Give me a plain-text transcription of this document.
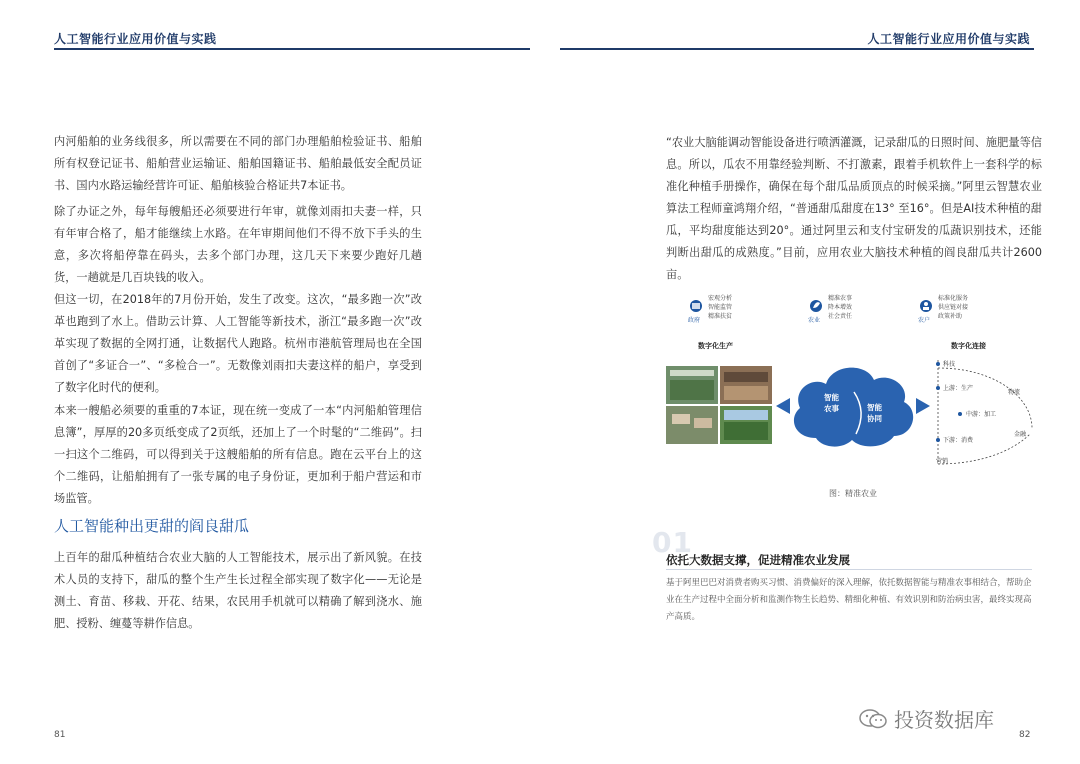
人工智能行业应用价值与实践	人工智能行业应用价值与实践

内河船舶的业务线很多，所以需要在不同的部门办理船舶检验证书、船舶所有权登记证书、船舶营业运输证、船舶国籍证书、船舶最低安全配员证书、国内水路运输经营许可证、船舶核验合格证共7本证书。

除了办证之外，每年每艘船还必须要进行年审，就像刘雨扣夫妻一样，只有年审合格了，船才能继续上水路。在年审期间他们不得不放下手头的生意，多次将船停靠在码头，去多个部门办理，这几天下来要少跑好几趟货，一趟就是几百块钱的收入。

但这一切，在2018年的7月份开始，发生了改变。这次，“最多跑一次”改革也跑到了水上。借助云计算、人工智能等新技术，浙江“最多跑一次”改革实现了数据的全网打通，让数据代人跑路。杭州市港航管理局也在全国首创了“多证合一”、“多检合一”。无数像刘雨扣夫妻这样的船户，享受到了数字化时代的便利。

本来一艘船必须要的重重的7本证，现在统一变成了一本“内河船舶管理信息簿”，厚厚的20多页纸变成了2页纸，还加上了一个时髦的“二维码”。扫一扫这个二维码，可以得到关于这艘船舶的所有信息。跑在云平台上的这个二维码，让船舶拥有了一张专属的电子身份证，更加利于船户营运和市场监管。

人工智能种出更甜的阎良甜瓜

上百年的甜瓜种植结合农业大脑的人工智能技术，展示出了新风貌。在技术人员的支持下，甜瓜的整个生产生长过程全部实现了数字化——无论是测土、育苗、移栽、开花、结果，农民用手机就可以精确了解到浇水、施肥、授粉、缠蔓等耕作信息。

81

“农业大脑能调动智能设备进行喷洒灌溉，记录甜瓜的日照时间、施肥量等信息。所以，瓜农不用靠经验判断、不打激素，跟着手机软件上一套科学的标准化种植手册操作，确保在每个甜瓜品质顶点的时候采摘。”阿里云智慧农业算法工程师童鸿翔介绍，“普通甜瓜甜度在13° 至16°。但是AI技术种植的甜瓜，平均甜度能达到20°。通过阿里云和支付宝研发的瓜蔬识别技术，还能判断出甜瓜的成熟度。”目前，应用农业大脑技术种植的阎良甜瓜共计2600亩。

政府
宏观分析
智能监管
精准扶贫
农业
精准农事
降本增效
社会责任
农户
标准化服务
供应链对接
政策补助
数字化生产	数字化连接
智能
农事	智能
协同
科技
上游：生产
中游：加工
下游：消费
物流
金融
营销
图：精准农业
01
依托大数据支撑，促进精准农业发展

基于阿里巴巴对消费者购买习惯、消费偏好的深入理解，依托数据智能与精准农事相结合，帮助企业在生产过程中全面分析和监测作物生长趋势、精细化种植、有效识别和防治病虫害，最终实现高产高质。

82
投资数据库
